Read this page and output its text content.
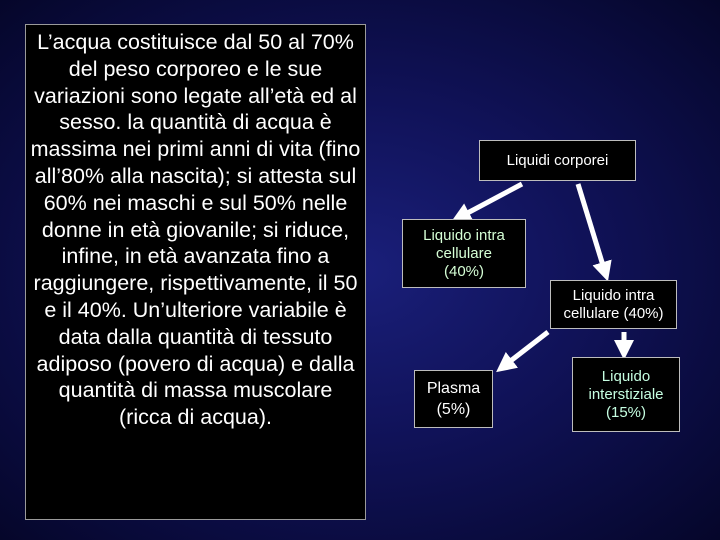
L’acqua costituisce dal 50 al 70% del peso corporeo e le sue variazioni sono legate all’età ed al sesso. la quantità di acqua è massima nei primi anni di vita (fino all’80% alla nascita); si attesta sul 60% nei maschi e sul 50% nelle donne in età giovanile; si riduce, infine, in età avanzata fino a raggiungere, rispettivamente, il 50 e il 40%. Un’ulteriore variabile è data dalla quantità di tessuto adiposo (povero di acqua) e dalla quantità di massa muscolare (ricca di acqua).
Liquidi corporei
Liquido intra
cellulare
(40%)
Liquido intra
cellulare (40%)
Plasma
(5%)
Liquido
interstiziale
(15%)
